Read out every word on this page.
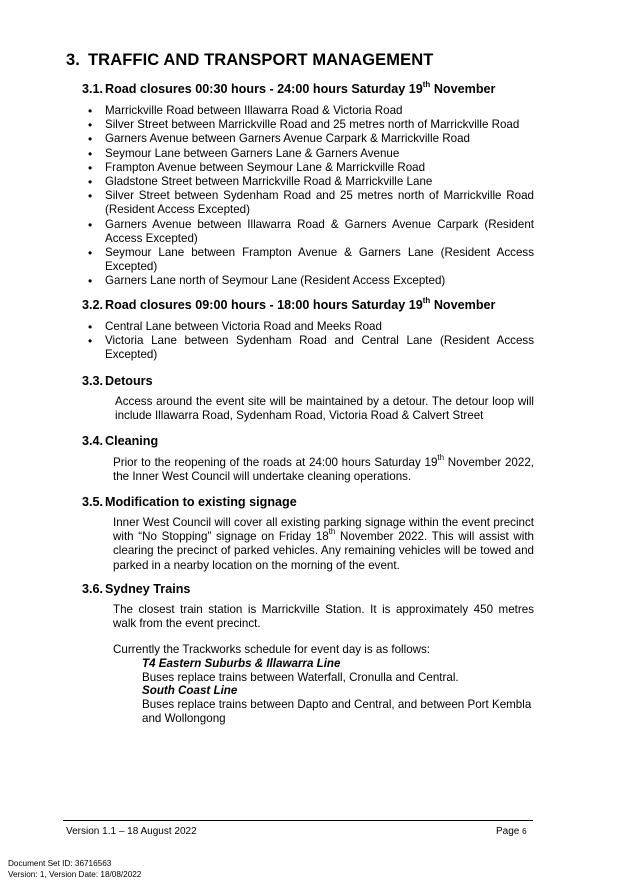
3. TRAFFIC AND TRANSPORT MANAGEMENT
3.1. Road closures 00:30 hours - 24:00 hours Saturday 19th November
• Marrickville Road between Illawarra Road & Victoria Road
• Silver Street between Marrickville Road and 25 metres north of Marrickville Road
• Garners Avenue between Garners Avenue Carpark & Marrickville Road
• Seymour Lane between Garners Lane & Garners Avenue
• Frampton Avenue between Seymour Lane & Marrickville Road
• Gladstone Street between Marrickville Road & Marrickville Lane
• Silver Street between Sydenham Road and 25 metres north of Marrickville Road (Resident Access Excepted)
• Garners Avenue between Illawarra Road & Garners Avenue Carpark (Resident Access Excepted)
• Seymour Lane between Frampton Avenue & Garners Lane (Resident Access Excepted)
• Garners Lane north of Seymour Lane (Resident Access Excepted)
3.2. Road closures 09:00 hours - 18:00 hours Saturday 19th November
• Central Lane between Victoria Road and Meeks Road
• Victoria Lane between Sydenham Road and Central Lane (Resident Access Excepted)
3.3. Detours

Access around the event site will be maintained by a detour. The detour loop will include Illawarra Road, Sydenham Road, Victoria Road & Calvert Street

3.4. Cleaning

Prior to the reopening of the roads at 24:00 hours Saturday 19th November 2022, the Inner West Council will undertake cleaning operations.

3.5. Modification to existing signage

Inner West Council will cover all existing parking signage within the event precinct with “No Stopping” signage on Friday 18th November 2022. This will assist with clearing the precinct of parked vehicles. Any remaining vehicles will be towed and parked in a nearby location on the morning of the event.

3.6. Sydney Trains

The closest train station is Marrickville Station. It is approximately 450 metres walk from the event precinct.

Currently the Trackworks schedule for event day is as follows:

T4 Eastern Suburbs & Illawarra Line

Buses replace trains between Waterfall, Cronulla and Central.

South Coast Line

Buses replace trains between Dapto and Central, and between Port Kembla and Wollongong

Version 1.1 – 18 August 2022	Page 6
Document Set ID: 36716563
Version: 1, Version Date: 18/08/2022
